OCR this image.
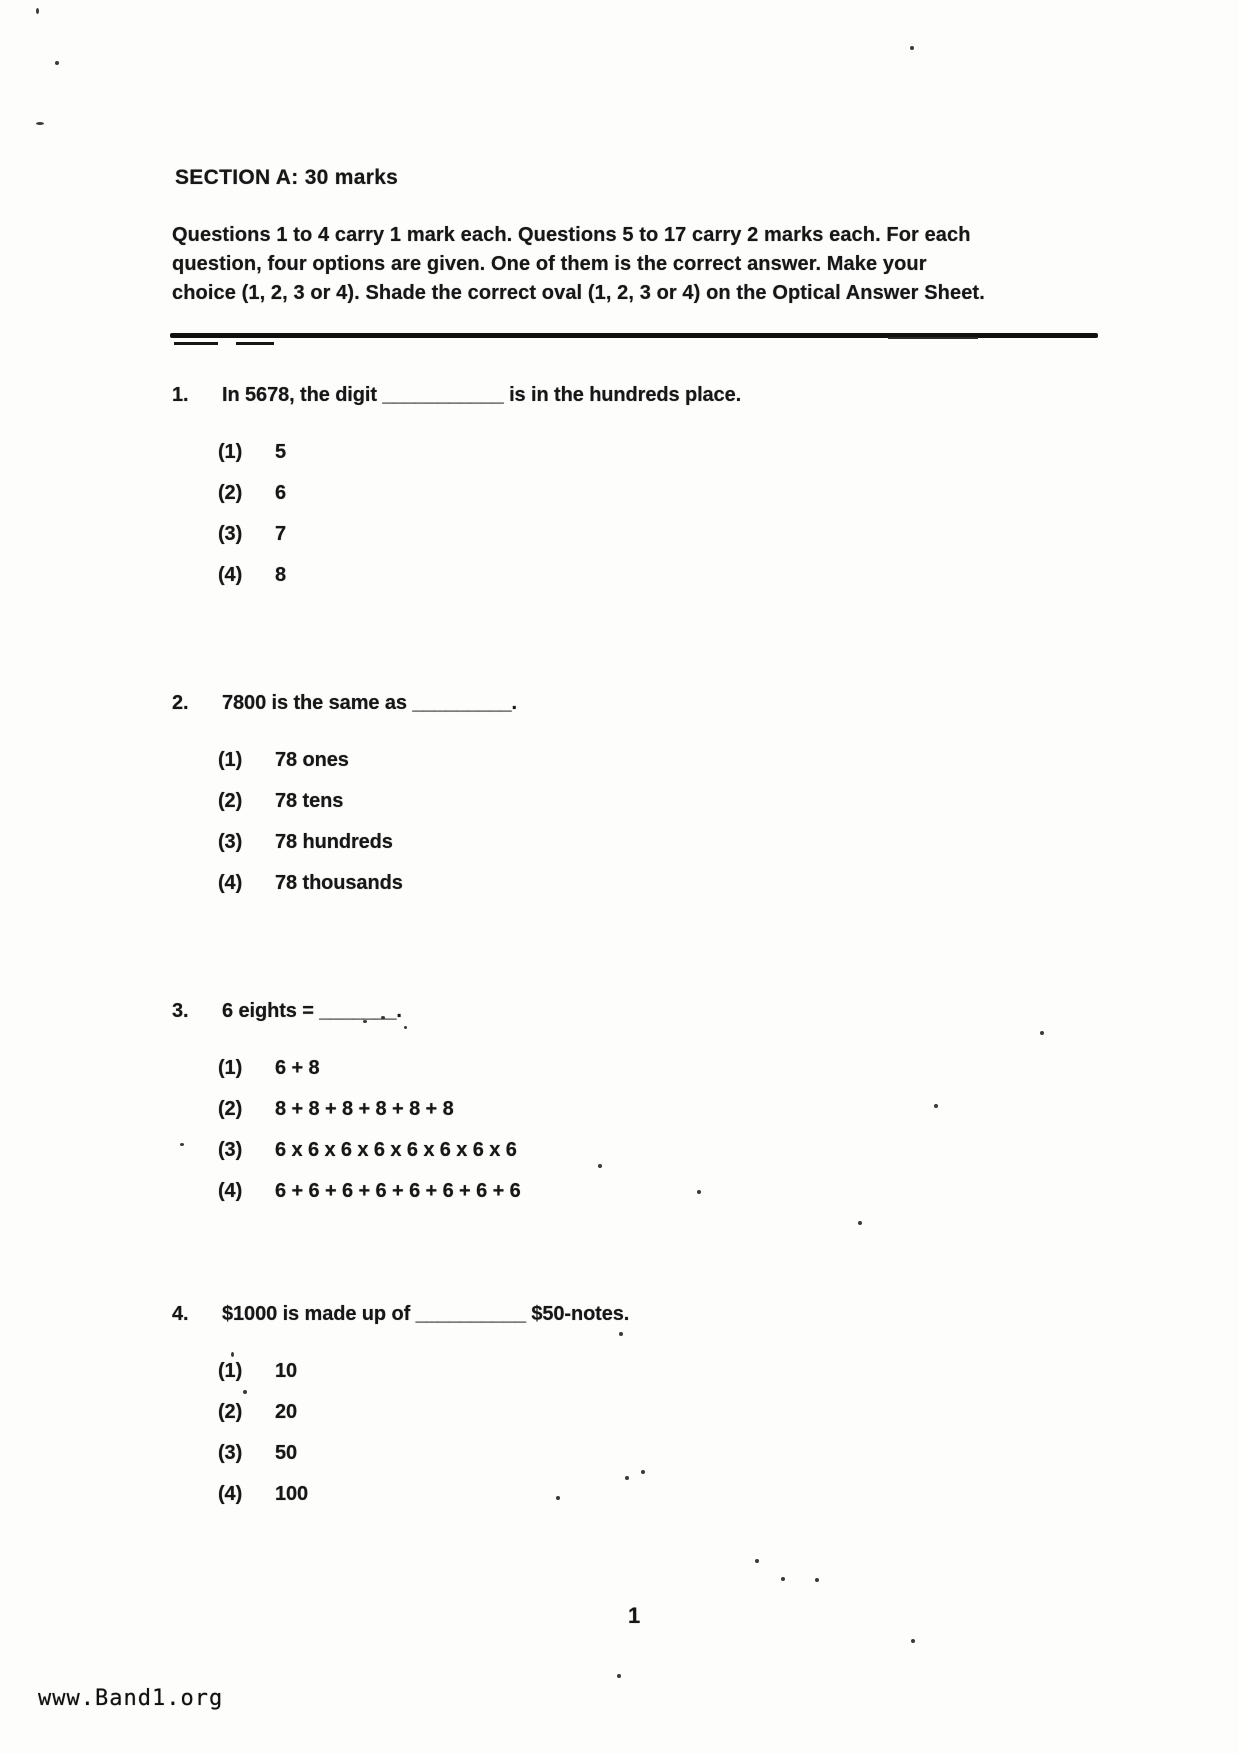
SECTION A: 30 marks
Questions 1 to 4 carry 1 mark each. Questions 5 to 17 carry 2 marks each. For each
question, four options are given. One of them is the correct answer. Make your
choice (1, 2, 3 or 4). Shade the correct oval (1, 2, 3 or 4) on the Optical Answer Sheet.
1.	In 5678, the digit ___________ is in the hundreds place.
(1)	5
(2)	6
(3)	7
(4)	8
2.	7800 is the same as _________.
(1)	78 ones
(2)	78 tens
(3)	78 hundreds
(4)	78 thousands
3.	6 eights = _______.
(1)	6 + 8
(2)	8 + 8 + 8 + 8 + 8 + 8
(3)	6 x 6 x 6 x 6 x 6 x 6 x 6 x 6
(4)	6 + 6 + 6 + 6 + 6 + 6 + 6 + 6
4.	$1000 is made up of __________ $50-notes.
(1)	10
(2)	20
(3)	50
(4)	100
1
www.Band1.org
